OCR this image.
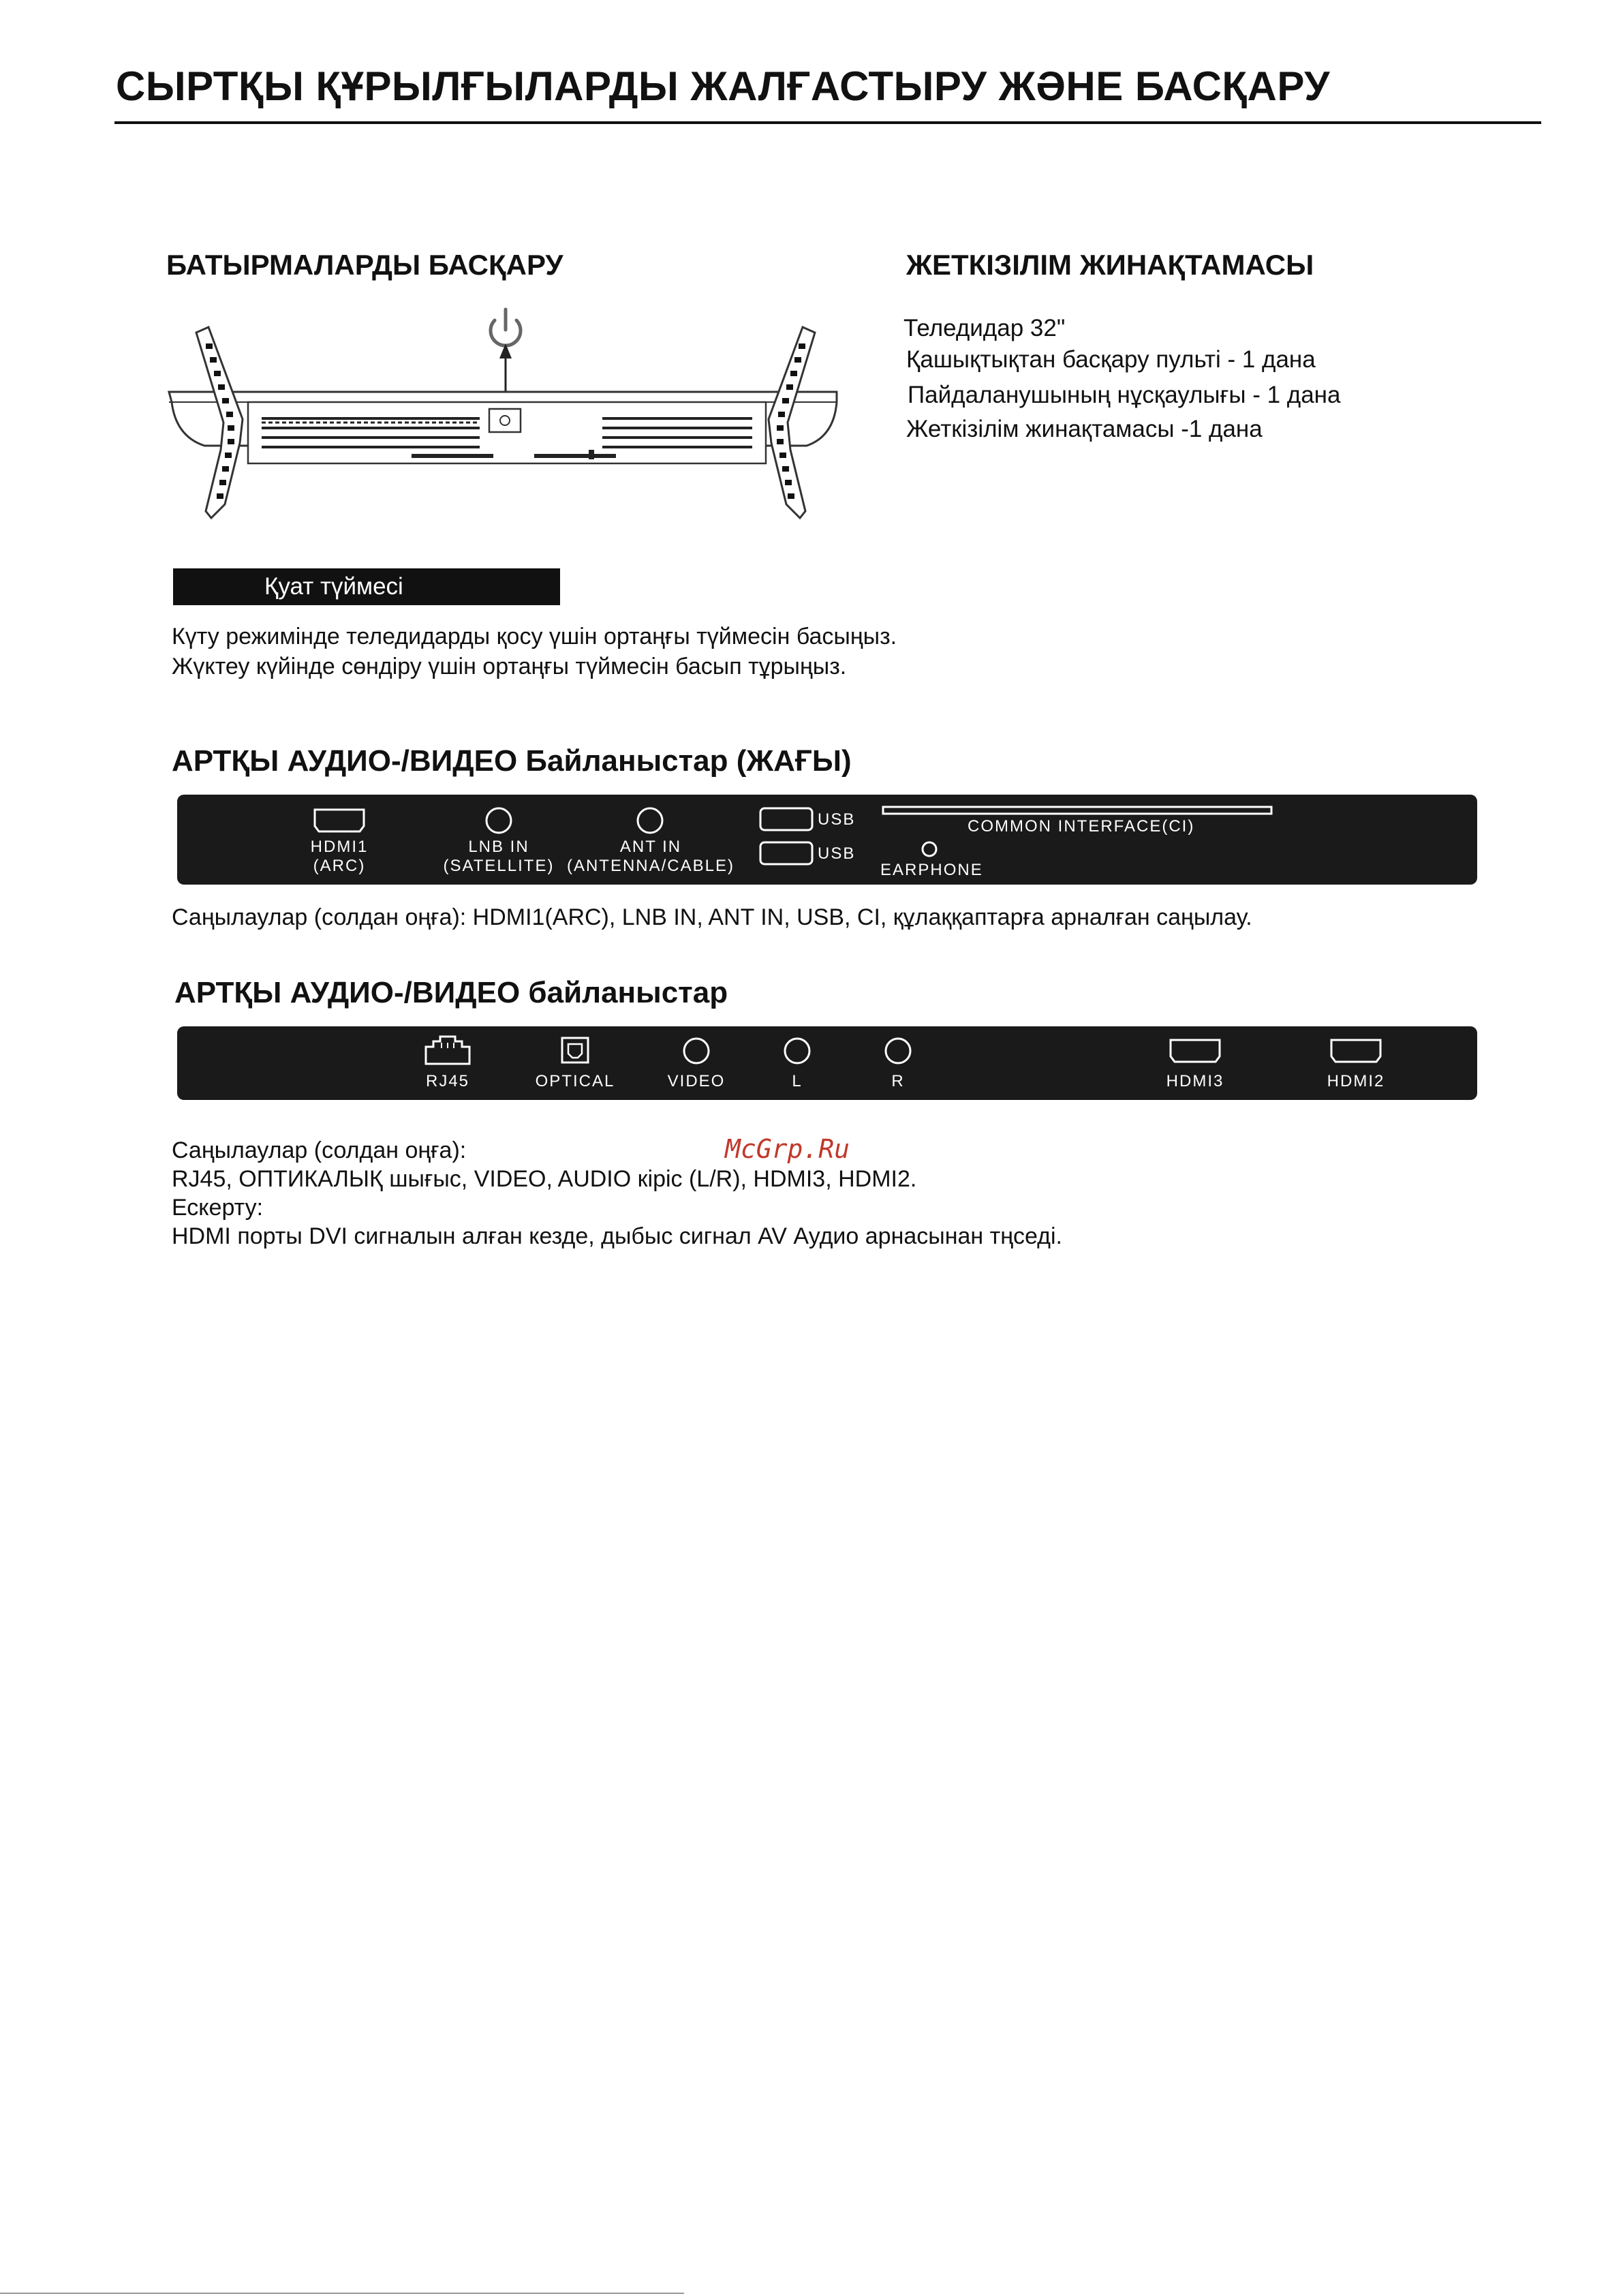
СЫРТҚЫ ҚҰРЫЛҒЫЛАРДЫ ЖАЛҒАСТЫРУ ЖӘНЕ БАСҚАРУ
БАТЫРМАЛАРДЫ БАСҚАРУ
Қуат түймесі
Күту режимінде теледидарды қосу үшін ортаңғы түймесін басыңыз.
Жүктеу күйінде сөндіру үшін ортаңғы түймесін басып тұрыңыз.
ЖЕТКІЗІЛІМ ЖИНАҚТАМАСЫ
Теледидар 32"
Қашықтықтан басқару пульті - 1 дана
Пайдаланушының нұсқаулығы - 1 дана
Жеткізілім жинақтамасы -1 дана
АРТҚЫ АУДИО-/ВИДЕО Байланыстар (ЖАҒЫ)
HDMI1
(ARC)
LNB IN
(SATELLITE)
ANT IN
(ANTENNA/CABLE)
USB
USB
COMMON INTERFACE(CI)
EARPHONE
Саңылаулар (солдан оңға): HDMI1(ARC), LNB IN, ANT IN, USB, CI, құлаққаптарға арналған саңылау.
АРТҚЫ АУДИО-/ВИДЕО байланыстар
RJ45	OPTICAL	VIDEO	L	R	HDMI3	HDMI2
Саңылаулар (солдан оңға):
RJ45, ОПТИКАЛЫҚ шығыс, VIDEO, AUDIO кіріс (L/R), HDMI3, HDMI2.
Ескерту:
HDMI порты DVI сигналын алған кезде, дыбыс сигнал AV Аудио арнасынан тңседі.
McGrp.Ru
